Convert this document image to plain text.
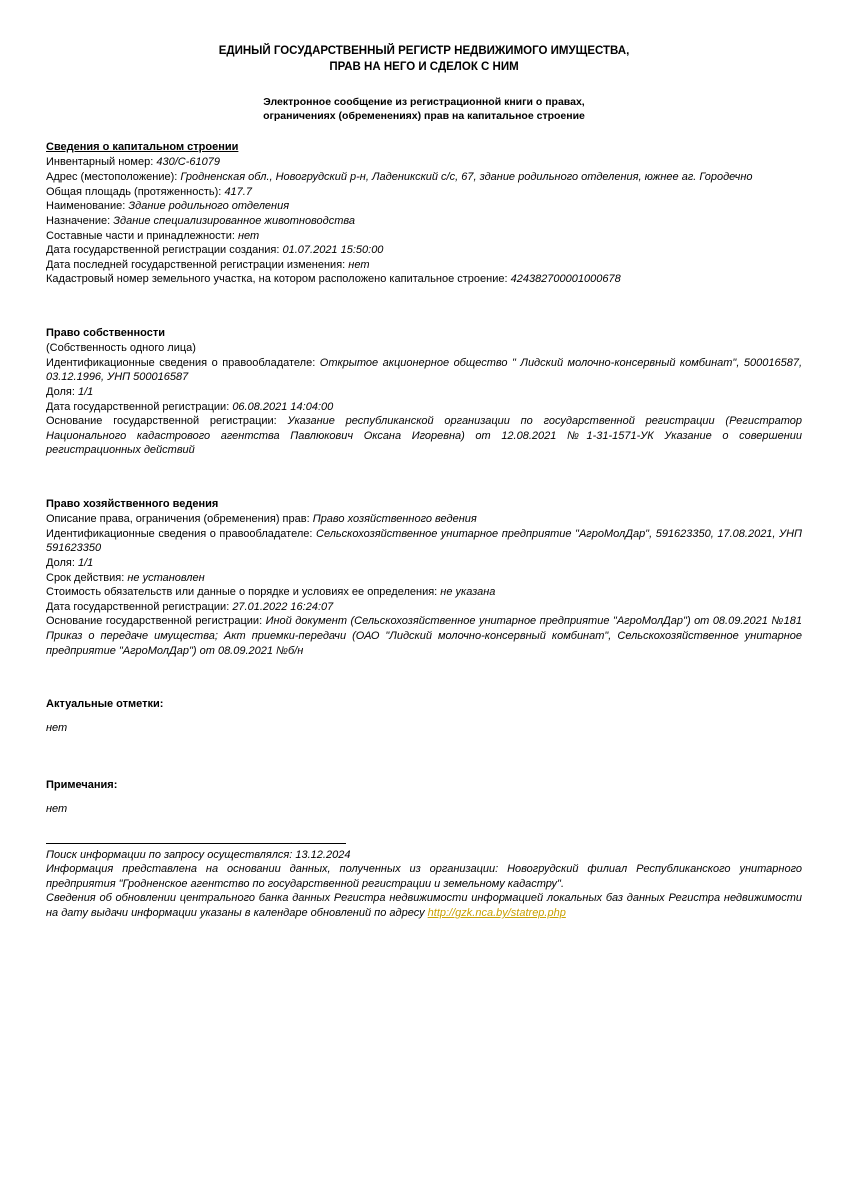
ЕДИНЫЙ ГОСУДАРСТВЕННЫЙ РЕГИСТР НЕДВИЖИМОГО ИМУЩЕСТВА,
ПРАВ НА НЕГО И СДЕЛОК С НИМ
Электронное сообщение из регистрационной книги о правах,
ограничениях (обременениях) прав на капитальное строение
Сведения о капитальном строении

Инвентарный номер: 430/C-61079

Адрес (местоположение): Гродненская обл., Новогрудский р-н, Ладеникский с/с, 67, здание родильного отделения, южнее аг. Городечно

Общая площадь (протяженность): 417.7

Наименование: Здание родильного отделения

Назначение: Здание специализированное животноводства

Составные части и принадлежности: нет

Дата государственной регистрации создания: 01.07.2021 15:50:00

Дата последней государственной регистрации изменения: нет

Кадастровый номер земельного участка, на котором расположено капитальное строение: 424382700001000678

Право собственности

(Собственность одного лица)

Идентификационные сведения о правообладателе: Открытое акционерное общество " Лидский молочно-консервный комбинат", 500016587, 03.12.1996, УНП 500016587

Доля: 1/1

Дата государственной регистрации: 06.08.2021 14:04:00

Основание государственной регистрации: Указание республиканской организации по государственной регистрации (Регистратор Национального кадастрового агентства Павлюкович Оксана Игоревна) от 12.08.2021 №1-31-1571-УК Указание о совершении регистрационных действий

Право хозяйственного ведения

Описание права, ограничения (обременения) прав: Право хозяйственного ведения

Идентификационные сведения о правообладателе: Сельскохозяйственное унитарное предприятие "АгроМолДар", 591623350, 17.08.2021, УНП 591623350

Доля: 1/1

Срок действия: не установлен

Стоимость обязательств или данные о порядке и условиях ее определения: не указана

Дата государственной регистрации: 27.01.2022 16:24:07

Основание государственной регистрации: Иной документ (Сельскохозяйственное унитарное предприятие "АгроМолДар") от 08.09.2021 №181 Приказ о передаче имущества; Акт приемки-передачи (ОАО "Лидский молочно-консервный комбинат", Сельскохозяйственное унитарное предприятие "АгроМолДар") от 08.09.2021 №б/н

Актуальные отметки:

нет

Примечания:

нет

Поиск информации по запросу осуществлялся: 13.12.2024

Информация представлена на основании данных, полученных из организации: Новогрудский филиал Республиканского унитарного предприятия "Гродненское агентство по государственной регистрации и земельному кадастру".

Сведения об обновлении центрального банка данных Регистра недвижимости информацией локальных баз данных Регистра недвижимости на дату выдачи информации указаны в календаре обновлений по адресу http://gzk.nca.by/statrep.php
